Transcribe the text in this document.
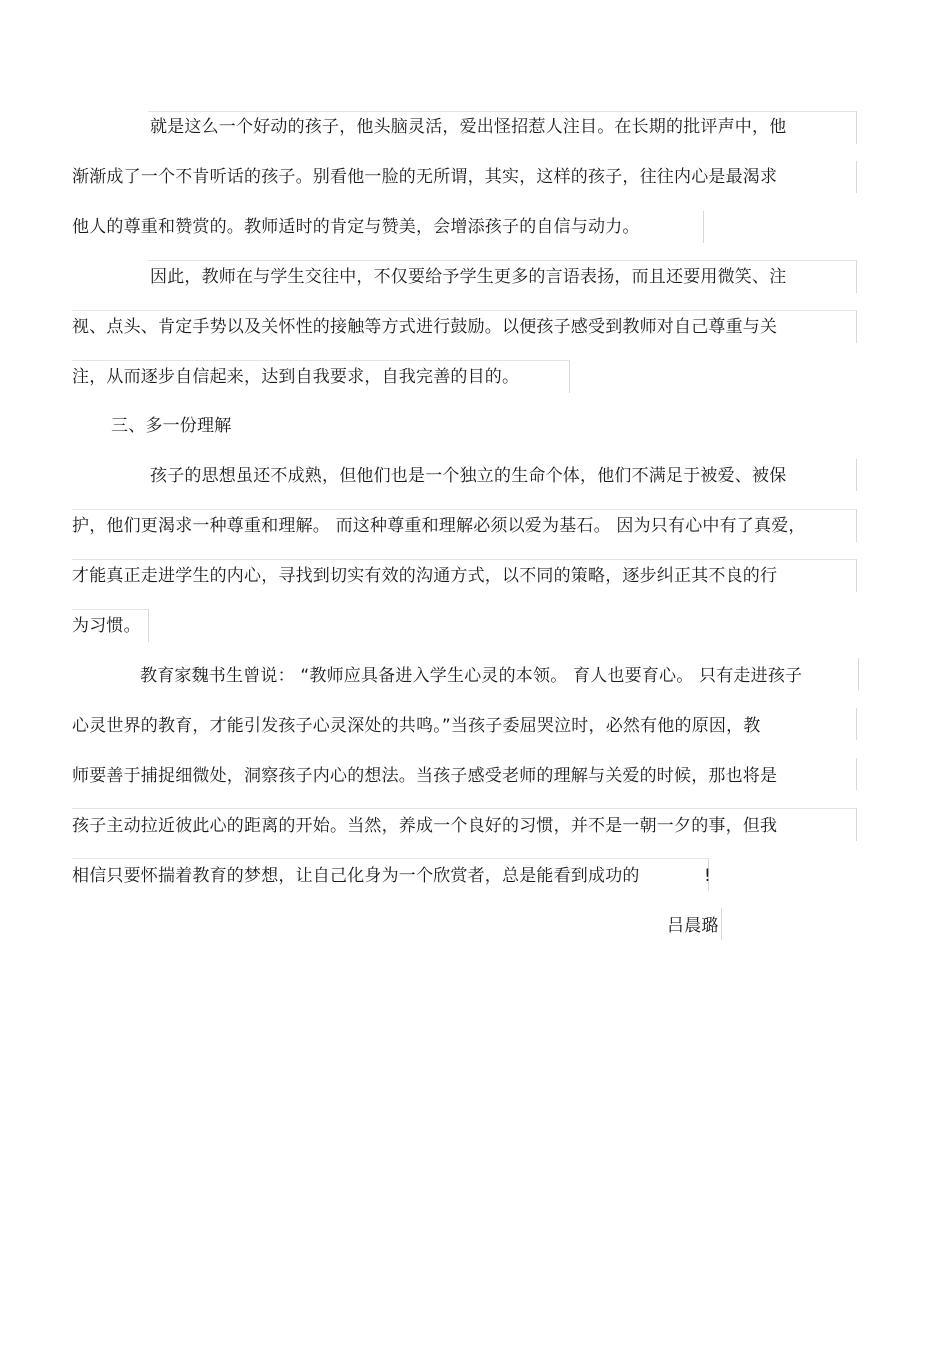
就是这么一个好动的孩子，他头脑灵活，爱出怪招惹人注目。在长期的批评声中，他
渐渐成了一个不肯听话的孩子。别看他一脸的无所谓，其实，这样的孩子，往往内心是最渴求
他人的尊重和赞赏的。教师适时的肯定与赞美，会增添孩子的自信与动力。
因此，教师在与学生交往中，不仅要给予学生更多的言语表扬，而且还要用微笑、注
视、点头、肯定手势以及关怀性的接触等方式进行鼓励。以便孩子感受到教师对自己尊重与关
注，从而逐步自信起来，达到自我要求，自我完善的目的。
三、多一份理解
孩子的思想虽还不成熟，但他们也是一个独立的生命个体，他们不满足于被爱、被保
护，他们更渴求一种尊重和理解。 而这种尊重和理解必须以爱为基石。 因为只有心中有了真爱，
才能真正走进学生的内心，寻找到切实有效的沟通方式，以不同的策略，逐步纠正其不良的行
为习惯。
教育家魏书生曾说： “教师应具备进入学生心灵的本领。 育人也要育心。 只有走进孩子
心灵世界的教育，才能引发孩子心灵深处的共鸣。”当孩子委屈哭泣时，必然有他的原因，教
师要善于捕捉细微处，洞察孩子内心的想法。当孩子感受老师的理解与关爱的时候，那也将是
孩子主动拉近彼此心的距离的开始。当然，养成一个良好的习惯，并不是一朝一夕的事，但我
相信只要怀揣着教育的梦想，让自己化身为一个欣赏者，总是能看到成功的	!
吕晨璐
